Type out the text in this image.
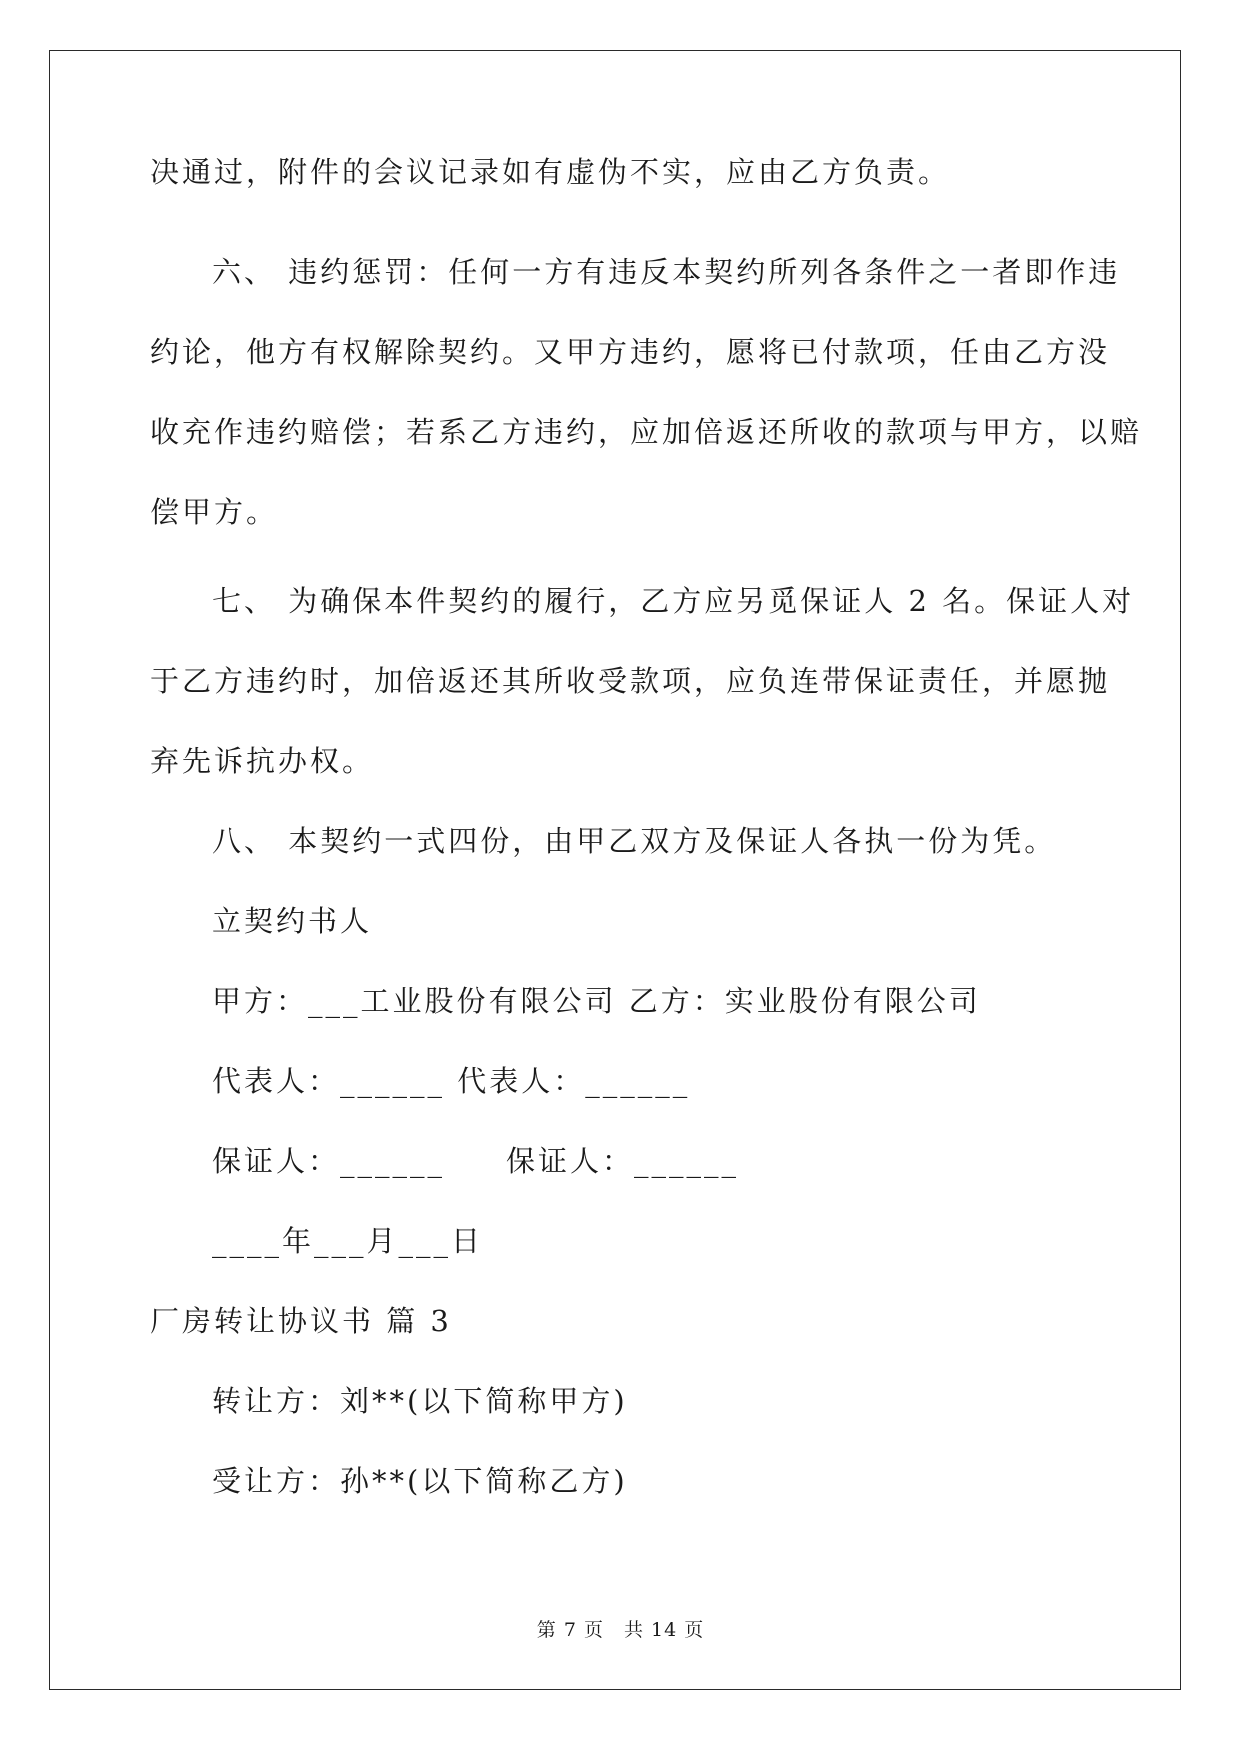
决通过，附件的会议记录如有虚伪不实，应由乙方负责。
六、 违约惩罚：任何一方有违反本契约所列各条件之一者即作违
约论，他方有权解除契约。又甲方违约，愿将已付款项，任由乙方没
收充作违约赔偿；若系乙方违约，应加倍返还所收的款项与甲方，以赔
偿甲方。
七、 为确保本件契约的履行，乙方应另觅保证人 2 名。保证人对
于乙方违约时，加倍返还其所收受款项，应负连带保证责任，并愿抛
弃先诉抗办权。
八、 本契约一式四份，由甲乙双方及保证人各执一份为凭。
立契约书人
甲方：___工业股份有限公司 乙方：实业股份有限公司
代表人：______ 代表人：______
保证人：______ 保证人：______
____年___月___日
厂房转让协议书 篇 3
转让方：刘**(以下简称甲方)
受让方：孙**(以下简称乙方)
第 7 页　共 14 页
